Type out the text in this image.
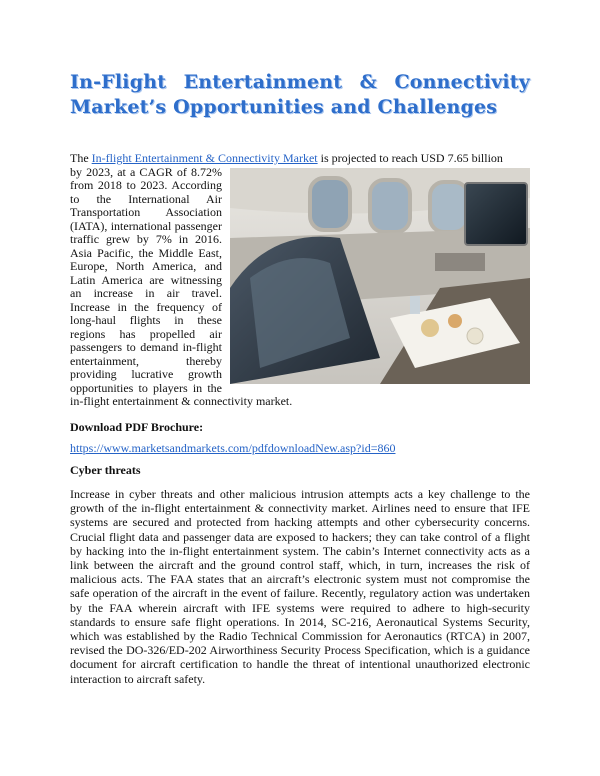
In-Flight Entertainment & Connectivity
Market’s Opportunities and Challenges
The In-flight Entertainment & Connectivity Market is projected to reach USD 7.65 billion
by 2023, at a CAGR of 8.72% from 2018 to 2023. According to the International Air Transportation Association (IATA), international passenger traffic grew by 7% in 2016. Asia Pacific, the Middle East, Europe, North America, and Latin America are witnessing an increase in air travel. Increase in the frequency of long-haul flights in these regions has propelled air passengers to demand in-flight entertainment, thereby providing lucrative growth opportunities to players in the in-flight entertainment & connectivity market.
Download PDF Brochure:
https://www.marketsandmarkets.com/pdfdownloadNew.asp?id=860
Cyber threats

Increase in cyber threats and other malicious intrusion attempts acts a key challenge to the growth of the in-flight entertainment & connectivity market. Airlines need to ensure that IFE systems are secured and protected from hacking attempts and other cybersecurity concerns. Crucial flight data and passenger data are exposed to hackers; they can take control of a flight by hacking into the in-flight entertainment system. The cabin’s Internet connectivity acts as a link between the aircraft and the ground control staff, which, in turn, increases the risk of malicious acts. The FAA states that an aircraft’s electronic system must not compromise the safe operation of the aircraft in the event of failure. Recently, regulatory action was undertaken by the FAA wherein aircraft with IFE systems were required to adhere to high-security standards to ensure safe flight operations. In 2014, SC-216, Aeronautical Systems Security, which was established by the Radio Technical Commission for Aeronautics (RTCA) in 2007, revised the DO-326/ED-202 Airworthiness Security Process Specification, which is a guidance document for aircraft certification to handle the threat of intentional unauthorized electronic interaction to aircraft safety.
